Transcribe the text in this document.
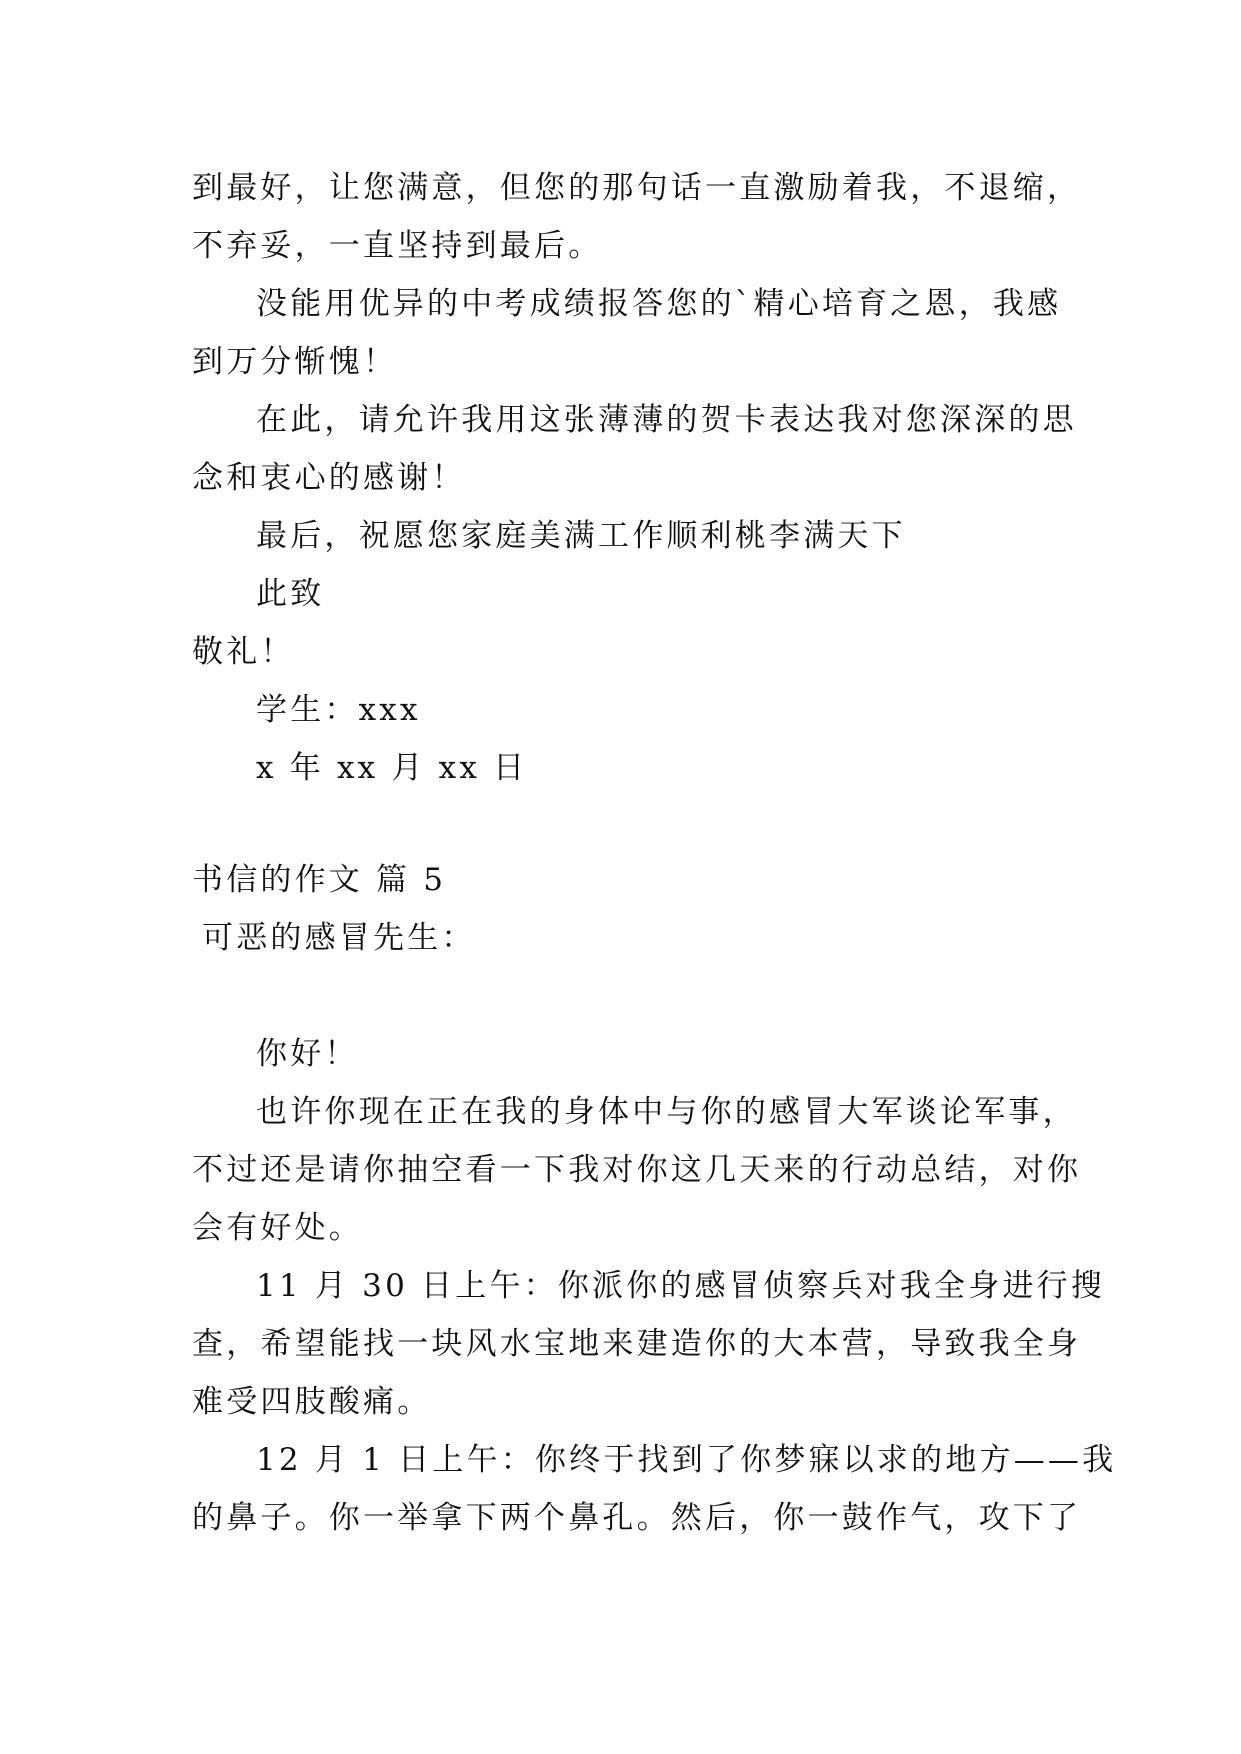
到最好，让您满意，但您的那句话一直激励着我，不退缩，
不弃妥，一直坚持到最后。
没能用优异的中考成绩报答您的`精心培育之恩，我感
到万分惭愧！
在此，请允许我用这张薄薄的贺卡表达我对您深深的思
念和衷心的感谢！
最后，祝愿您家庭美满工作顺利桃李满天下
此致
敬礼！
学生：xxx
x 年 xx 月 xx 日
书信的作文 篇 5
可恶的感冒先生：
你好！
也许你现在正在我的身体中与你的感冒大军谈论军事，
不过还是请你抽空看一下我对你这几天来的行动总结，对你
会有好处。
11 月 30 日上午：你派你的感冒侦察兵对我全身进行搜
查，希望能找一块风水宝地来建造你的大本营，导致我全身
难受四肢酸痛。
12 月 1 日上午：你终于找到了你梦寐以求的地方——我
的鼻子。你一举拿下两个鼻孔。然后，你一鼓作气，攻下了
